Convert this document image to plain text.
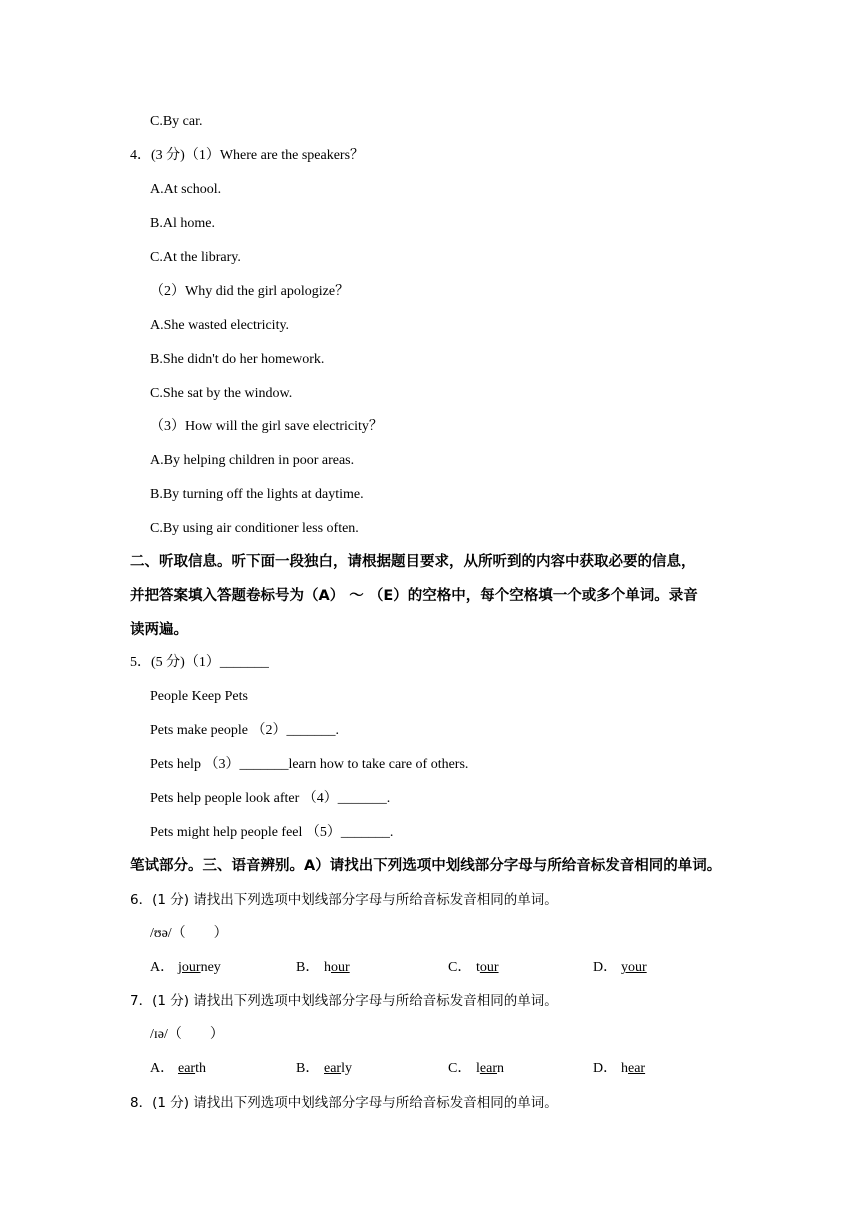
C.By car.
4．(3 分)（1）Where are the speakers？
A.At school.
B.Al home.
C.At the library.
（2）Why did the girl apologize？
A.She wasted electricity.
B.She didn't do her homework.
C.She sat by the window.
（3）How will the girl save electricity？
A.By helping children in poor areas.
B.By turning off the lights at daytime.
C.By using air conditioner less often.
二、听取信息。听下面一段独白，请根据题目要求，从所听到的内容中获取必要的信息，
并把答案填入答题卷标号为（A） ～ （E）的空格中，每个空格填一个或多个单词。录音
读两遍。
5．(5 分)（1）_______
People Keep Pets
Pets make people （2）_______.
Pets help （3）_______learn how to take care of others.
Pets help people look after （4）_______.
Pets might help people feel （5）_______.
笔试部分。三、语音辨别。A）请找出下列选项中划线部分字母与所给音标发音相同的单词。
6．(1 分) 请找出下列选项中划线部分字母与所给音标发音相同的单词。
/ʊə/（　　）
A． journey	B． hour	C． tour	D． your
7．(1 分) 请找出下列选项中划线部分字母与所给音标发音相同的单词。
/ɪə/（　　）
A． earth	B． early	C． learn	D． hear
8．(1 分) 请找出下列选项中划线部分字母与所给音标发音相同的单词。
